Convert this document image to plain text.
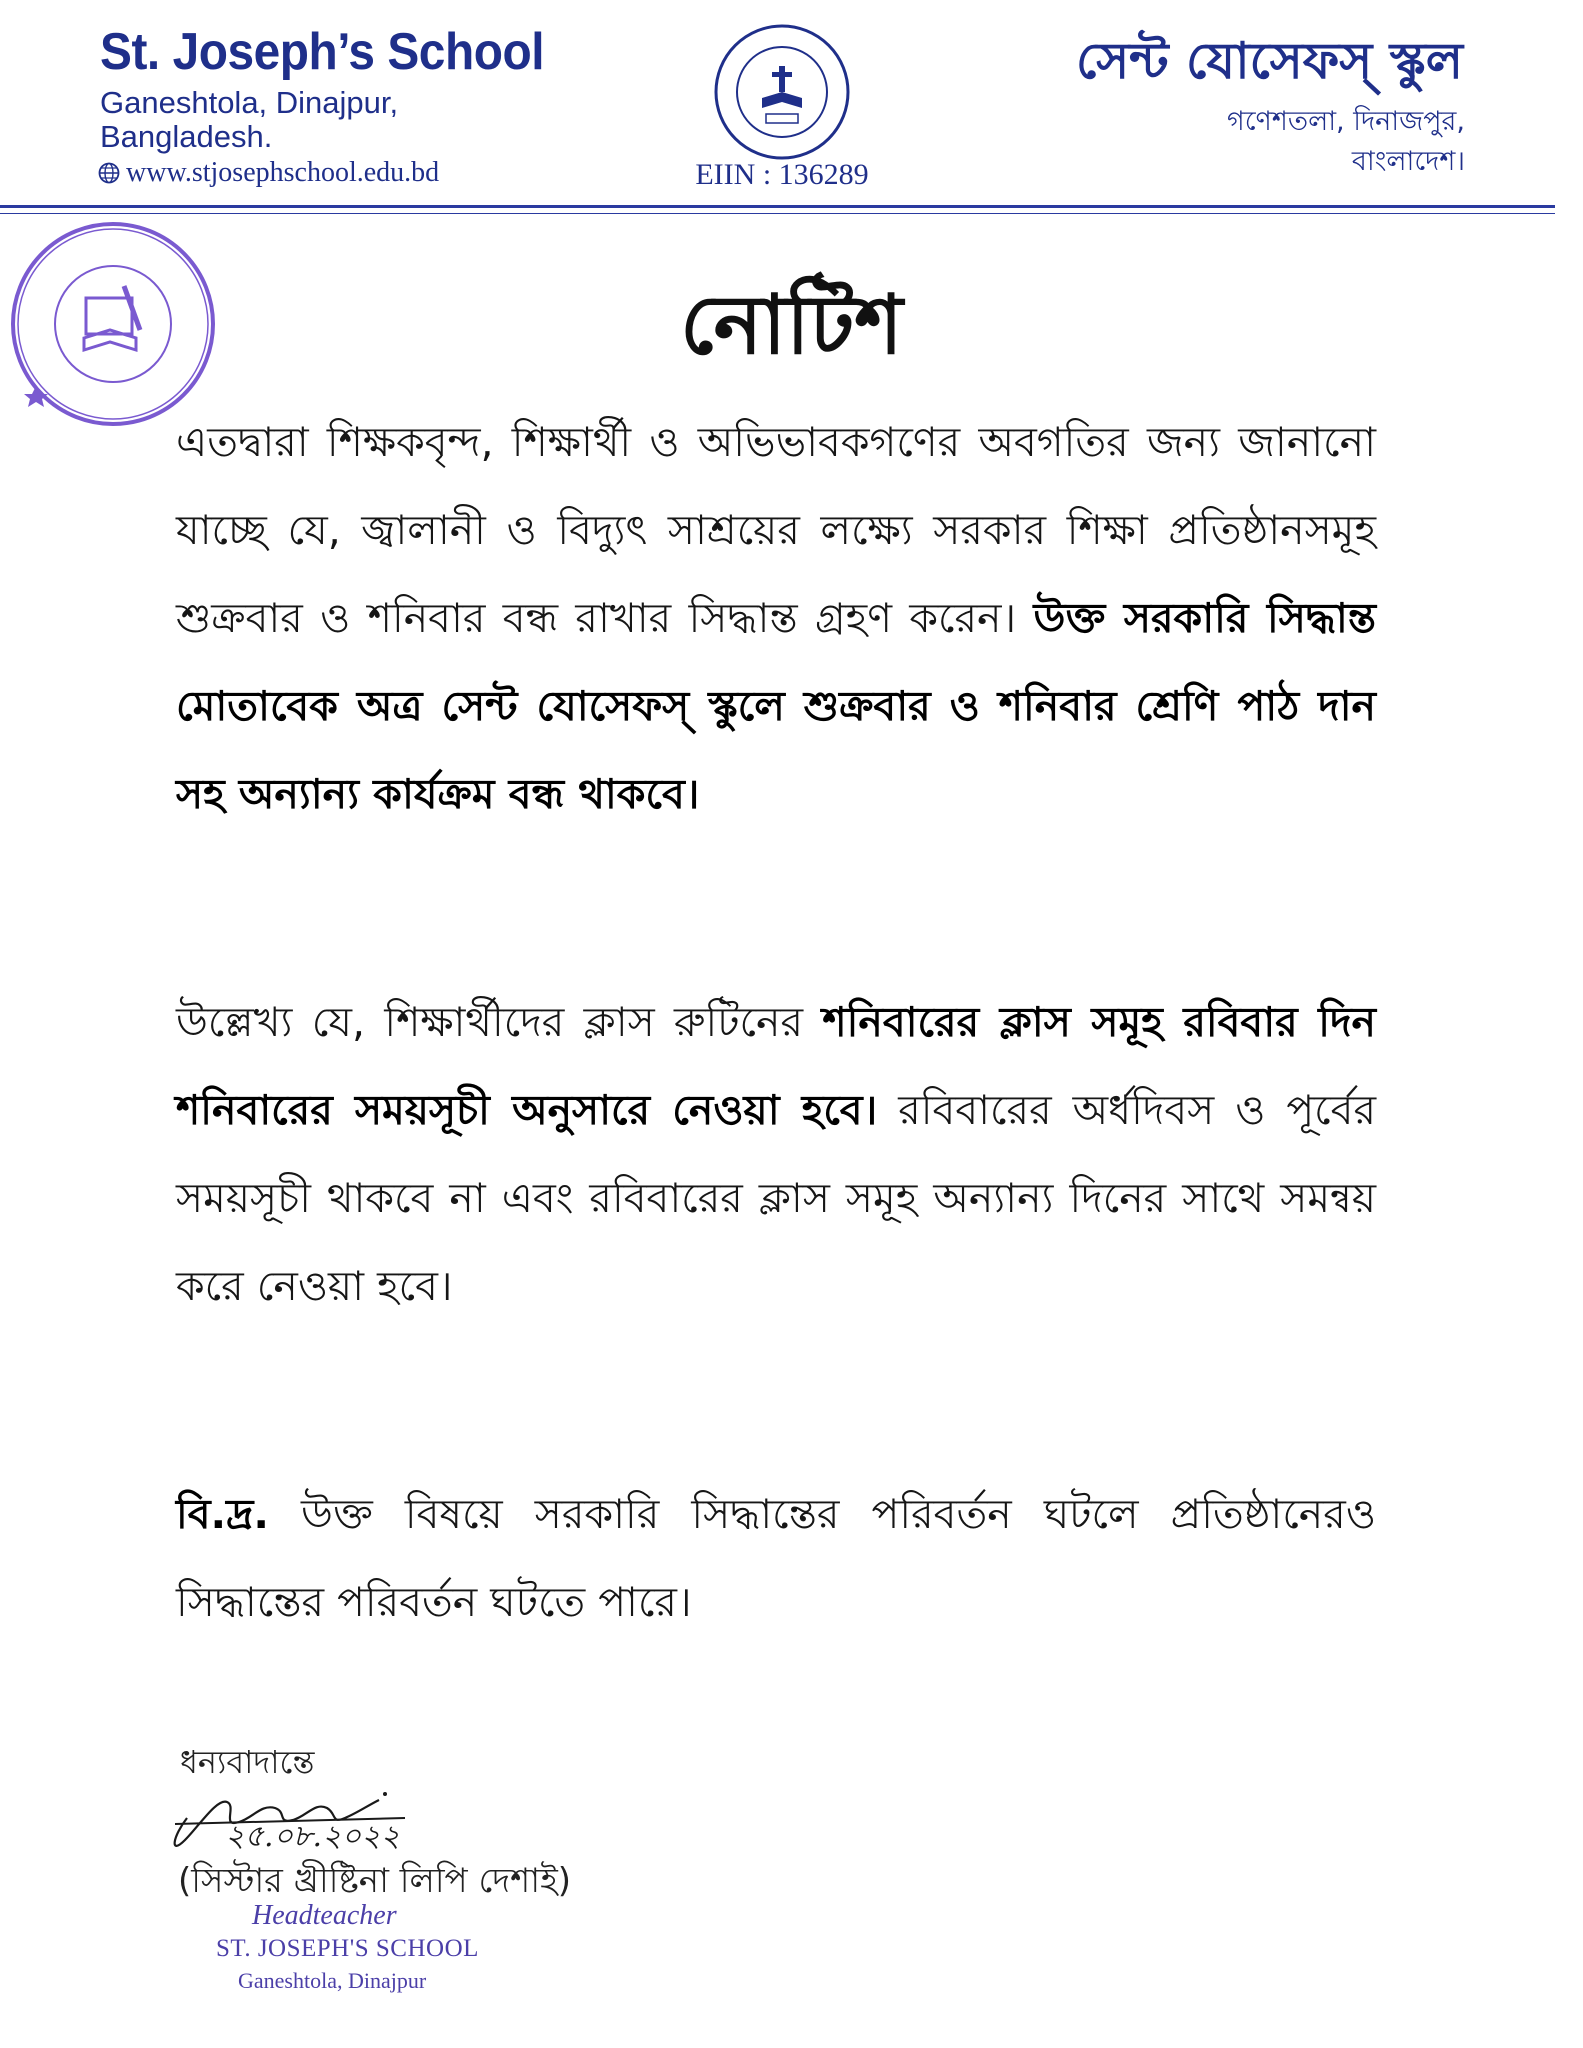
St. Joseph’s School
Ganeshtola, Dinajpur,
Bangladesh.
www.stjosephschool.edu.bd	EIIN : 136289
সেন্ট যোসেফস্ স্কুল
গণেশতলা, দিনাজপুর,
বাংলাদেশ।
নোটিশ
এতদ্বারা শিক্ষকবৃন্দ, শিক্ষার্থী ও অভিভাবকগণের অবগতির জন্য জানানো যাচ্ছে যে, জ্বালানী ও বিদ্যুৎ সাশ্রয়ের লক্ষ্যে সরকার শিক্ষা প্রতিষ্ঠানসমূহ শুক্রবার ও শনিবার বন্ধ রাখার সিদ্ধান্ত গ্রহণ করেন। উক্ত সরকারি সিদ্ধান্ত মোতাবেক অত্র সেন্ট যোসেফস্ স্কুলে শুক্রবার ও শনিবার শ্রেণি পাঠ দান সহ অন্যান্য কার্যক্রম বন্ধ থাকবে।
উল্লেখ্য যে, শিক্ষার্থীদের ক্লাস রুটিনের শনিবারের ক্লাস সমূহ রবিবার দিন শনিবারের সময়সূচী অনুসারে নেওয়া হবে। রবিবারের অর্ধদিবস ও পূর্বের সময়সূচী থাকবে না এবং রবিবারের ক্লাস সমূহ অন্যান্য দিনের সাথে সমন্বয় করে নেওয়া হবে।
বি.দ্র. উক্ত বিষয়ে সরকারি সিদ্ধান্তের পরিবর্তন ঘটলে প্রতিষ্ঠানেরও সিদ্ধান্তের পরিবর্তন ঘটতে পারে।
ধন্যবাদান্তে
২৫.০৮.২০২২
(সিস্টার খ্রীষ্টিনা লিপি দেশাই)
Headteacher
ST. JOSEPH'S SCHOOL
Ganeshtola, Dinajpur
